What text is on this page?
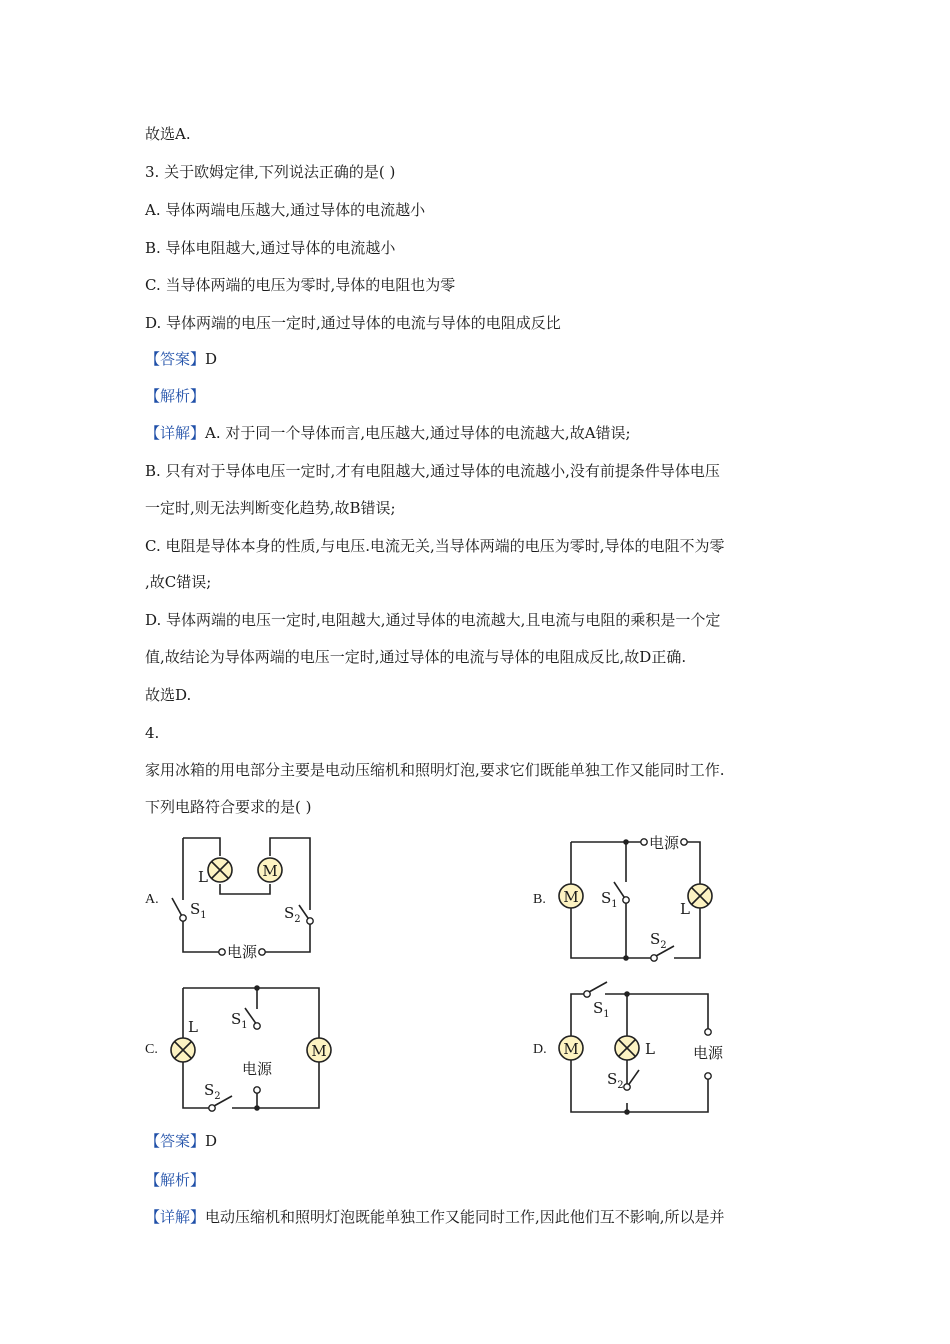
故选A.
3. 关于欧姆定律,下列说法正确的是( )
A. 导体两端电压越大,通过导体的电流越小
B. 导体电阻越大,通过导体的电流越小
C. 当导体两端的电压为零时,导体的电阻也为零
D. 导体两端的电压一定时,通过导体的电流与导体的电阻成反比
【答案】D
【解析】
【详解】A. 对于同一个导体而言,电压越大,通过导体的电流越大,故A错误;
B. 只有对于导体电压一定时,才有电阻越大,通过导体的电流越小,没有前提条件导体电压
一定时,则无法判断变化趋势,故B错误;
C. 电阻是导体本身的性质,与电压.电流无关,当导体两端的电压为零时,导体的电阻不为零
,故C错误;
D. 导体两端的电压一定时,电阻越大,通过导体的电流越大,且电流与电阻的乘积是一个定
值,故结论为导体两端的电压一定时,通过导体的电流与导体的电阻成反比,故D正确.
故选D.
4.
家用冰箱的用电部分主要是电动压缩机和照明灯泡,要求它们既能单独工作又能同时工作.
下列电路符合要求的是( )
A.	B.
C.	D.
M
L
$S_1$	$S_2$
电源
M
电源
L
$S_1$
$S_2$
M
L $S_1$
电源
$S_2$
M	L
$S_1$
电源
$S_2$
【答案】D
【解析】
【详解】电动压缩机和照明灯泡既能单独工作又能同时工作,因此他们互不影响,所以是并
